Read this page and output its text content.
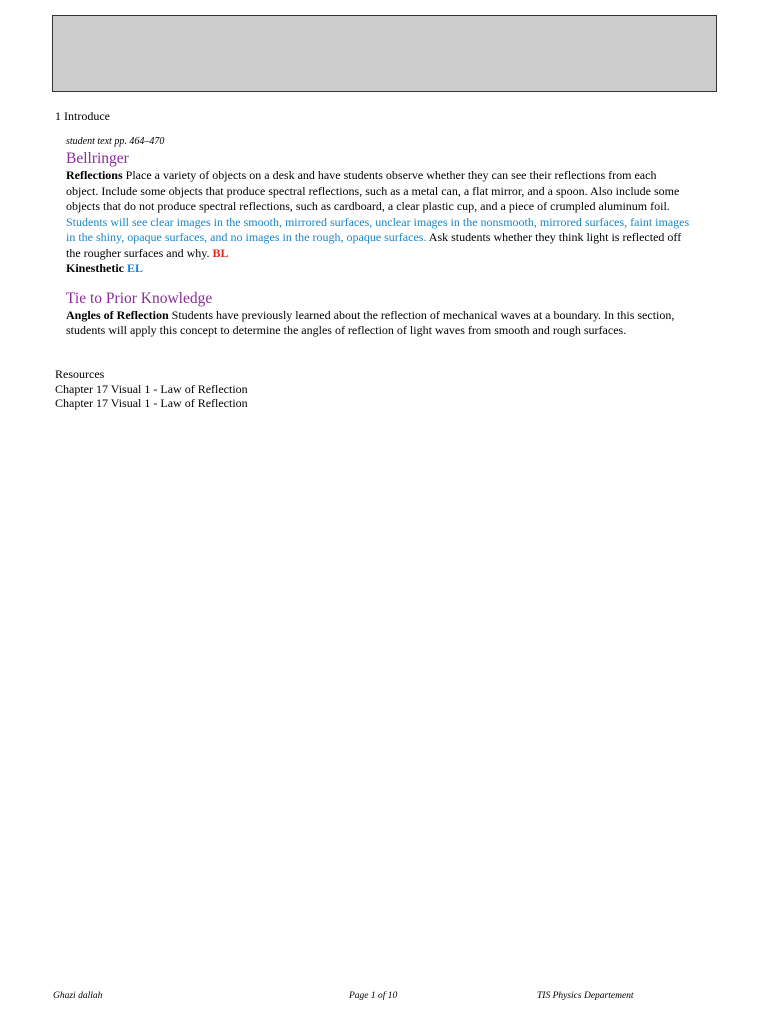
1 Introduce

student text pp. 464–470

Bellringer

Reflections Place a variety of objects on a desk and have students observe whether they can see their reflections from each object. Include some objects that produce spectral reflections, such as a metal can, a flat mirror, and a spoon. Also include some objects that do not produce spectral reflections, such as cardboard, a clear plastic cup, and a piece of crumpled aluminum foil. Students will see clear images in the smooth, mirrored surfaces, unclear images in the nonsmooth, mirrored surfaces, faint images in the shiny, opaque surfaces, and no images in the rough, opaque surfaces. Ask students whether they think light is reflected off the rougher surfaces and why. BL
Kinesthetic EL

Tie to Prior Knowledge

Angles of Reflection Students have previously learned about the reflection of mechanical waves at a boundary. In this section, students will apply this concept to determine the angles of reflection of light waves from smooth and rough surfaces.

Resources
Chapter 17 Visual 1 - Law of Reflection
Chapter 17 Visual 1 - Law of Reflection
Ghazi dallah	Page 1 of 10	TIS Physics Departement
